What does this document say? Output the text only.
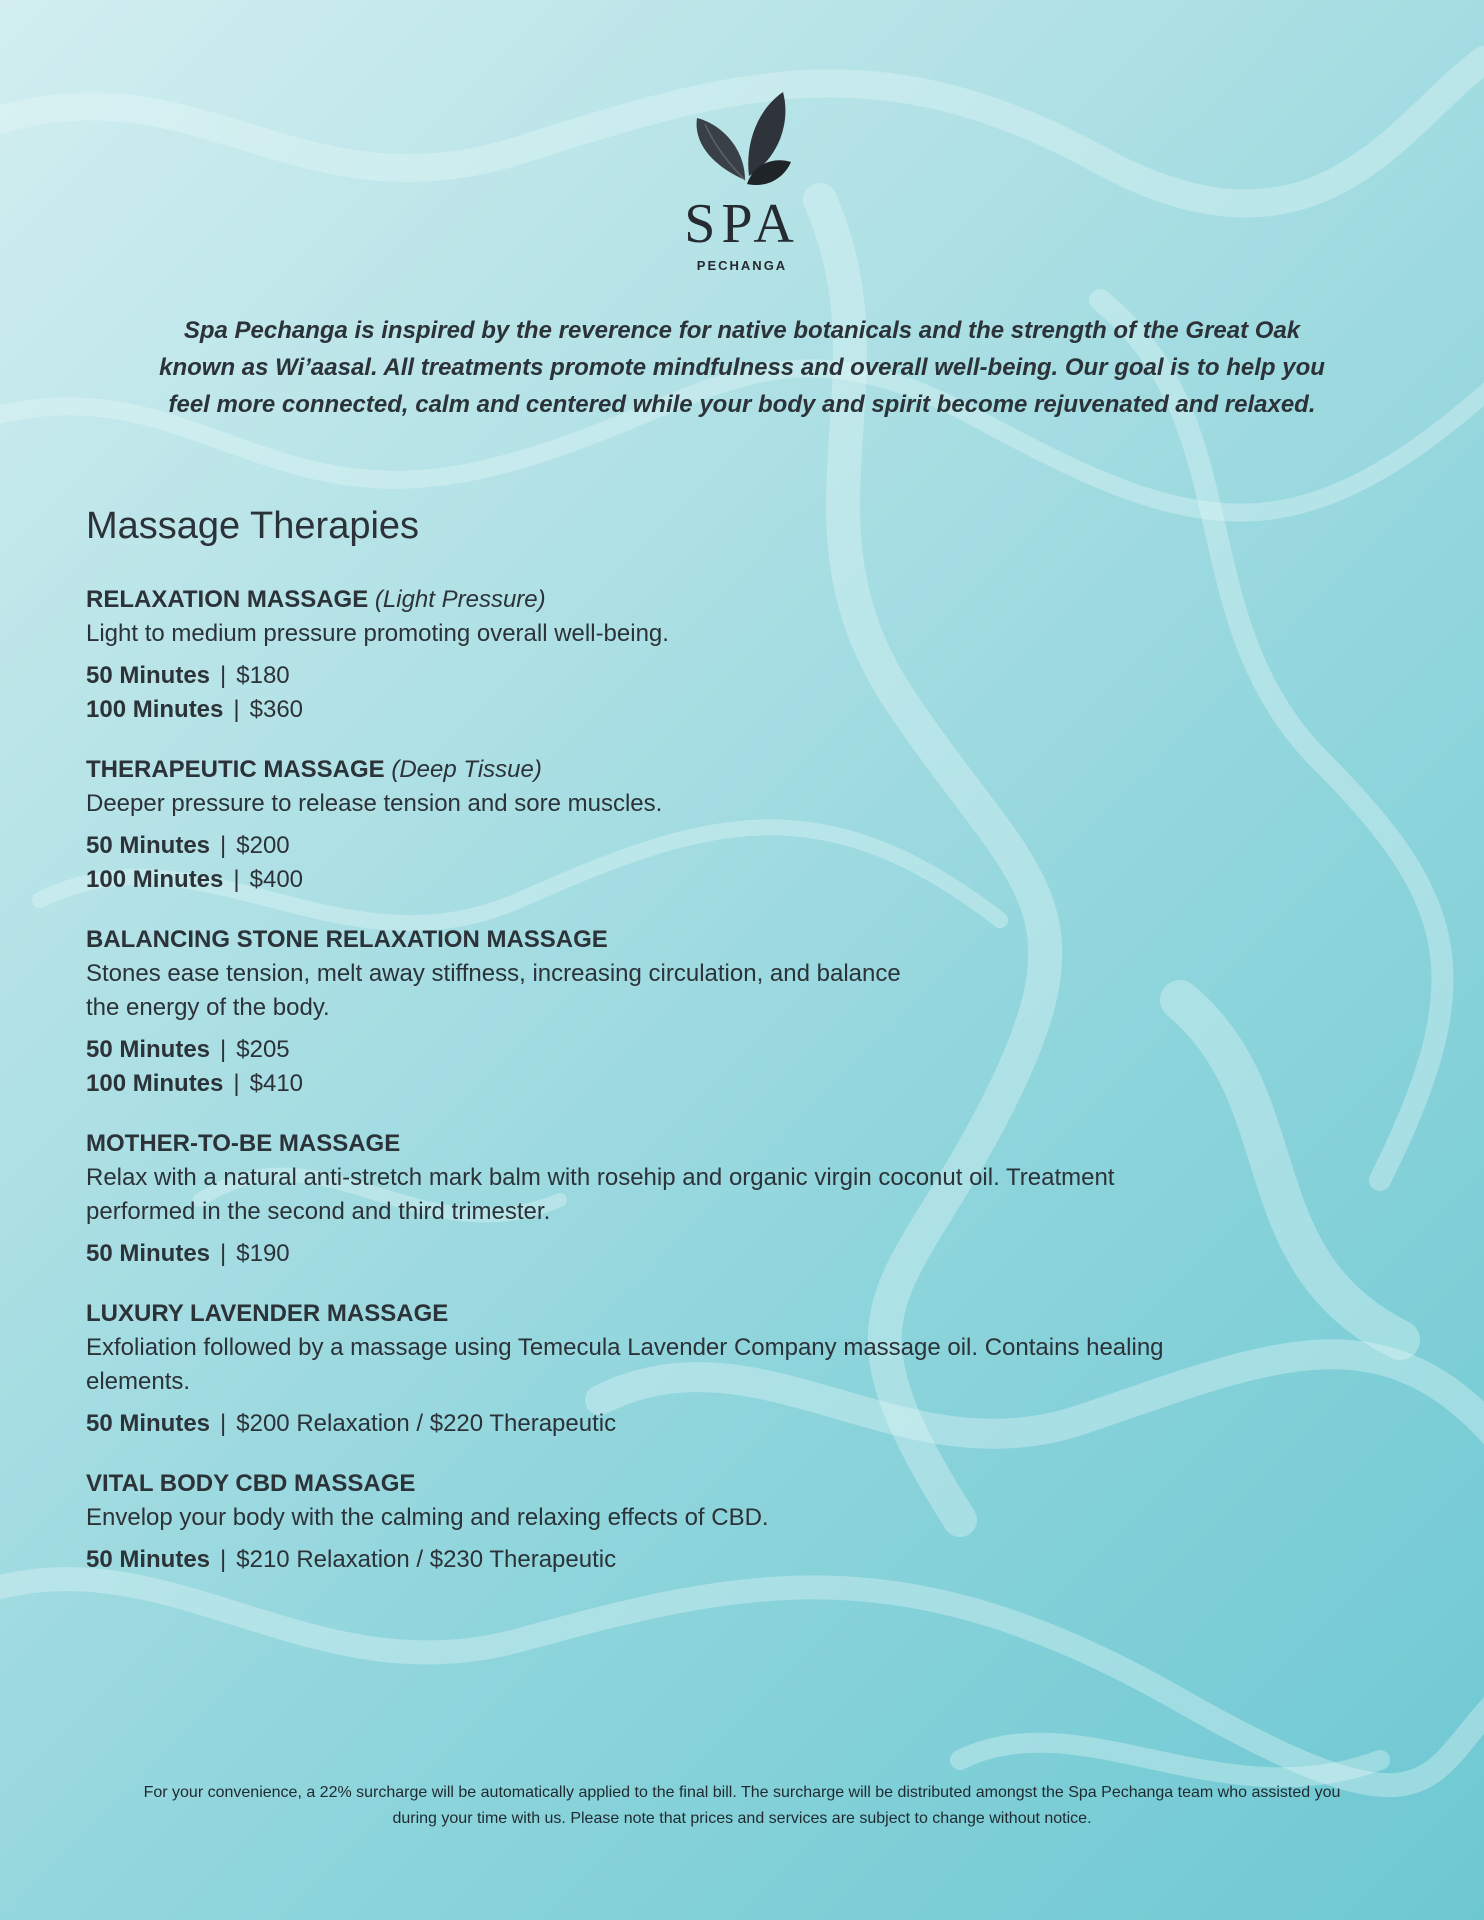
SPA
PECHANGA
Spa Pechanga is inspired by the reverence for native botanicals and the strength of the Great Oak known as Wi’aasal. All treatments promote mindfulness and overall well-being. Our goal is to help you feel more connected, calm and centered while your body and spirit become rejuvenated and relaxed.
Massage Therapies
RELAXATION MASSAGE (Light Pressure)
Light to medium pressure promoting overall well-being.
50 Minutes | $180
100 Minutes | $360
THERAPEUTIC MASSAGE (Deep Tissue)
Deeper pressure to release tension and sore muscles.
50 Minutes | $200
100 Minutes | $400
BALANCING STONE RELAXATION MASSAGE
Stones ease tension, melt away stiffness, increasing circulation, and balance the energy of the body.
50 Minutes | $205
100 Minutes | $410
MOTHER-TO-BE MASSAGE
Relax with a natural anti-stretch mark balm with rosehip and organic virgin coconut oil. Treatment performed in the second and third trimester.
50 Minutes | $190
LUXURY LAVENDER MASSAGE
Exfoliation followed by a massage using Temecula Lavender Company massage oil. Contains healing elements.
50 Minutes | $200 Relaxation / $220 Therapeutic
VITAL BODY CBD MASSAGE
Envelop your body with the calming and relaxing effects of CBD.
50 Minutes | $210 Relaxation / $230 Therapeutic
For your convenience, a 22% surcharge will be automatically applied to the final bill. The surcharge will be distributed amongst the Spa Pechanga team who assisted you during your time with us. Please note that prices and services are subject to change without notice.
